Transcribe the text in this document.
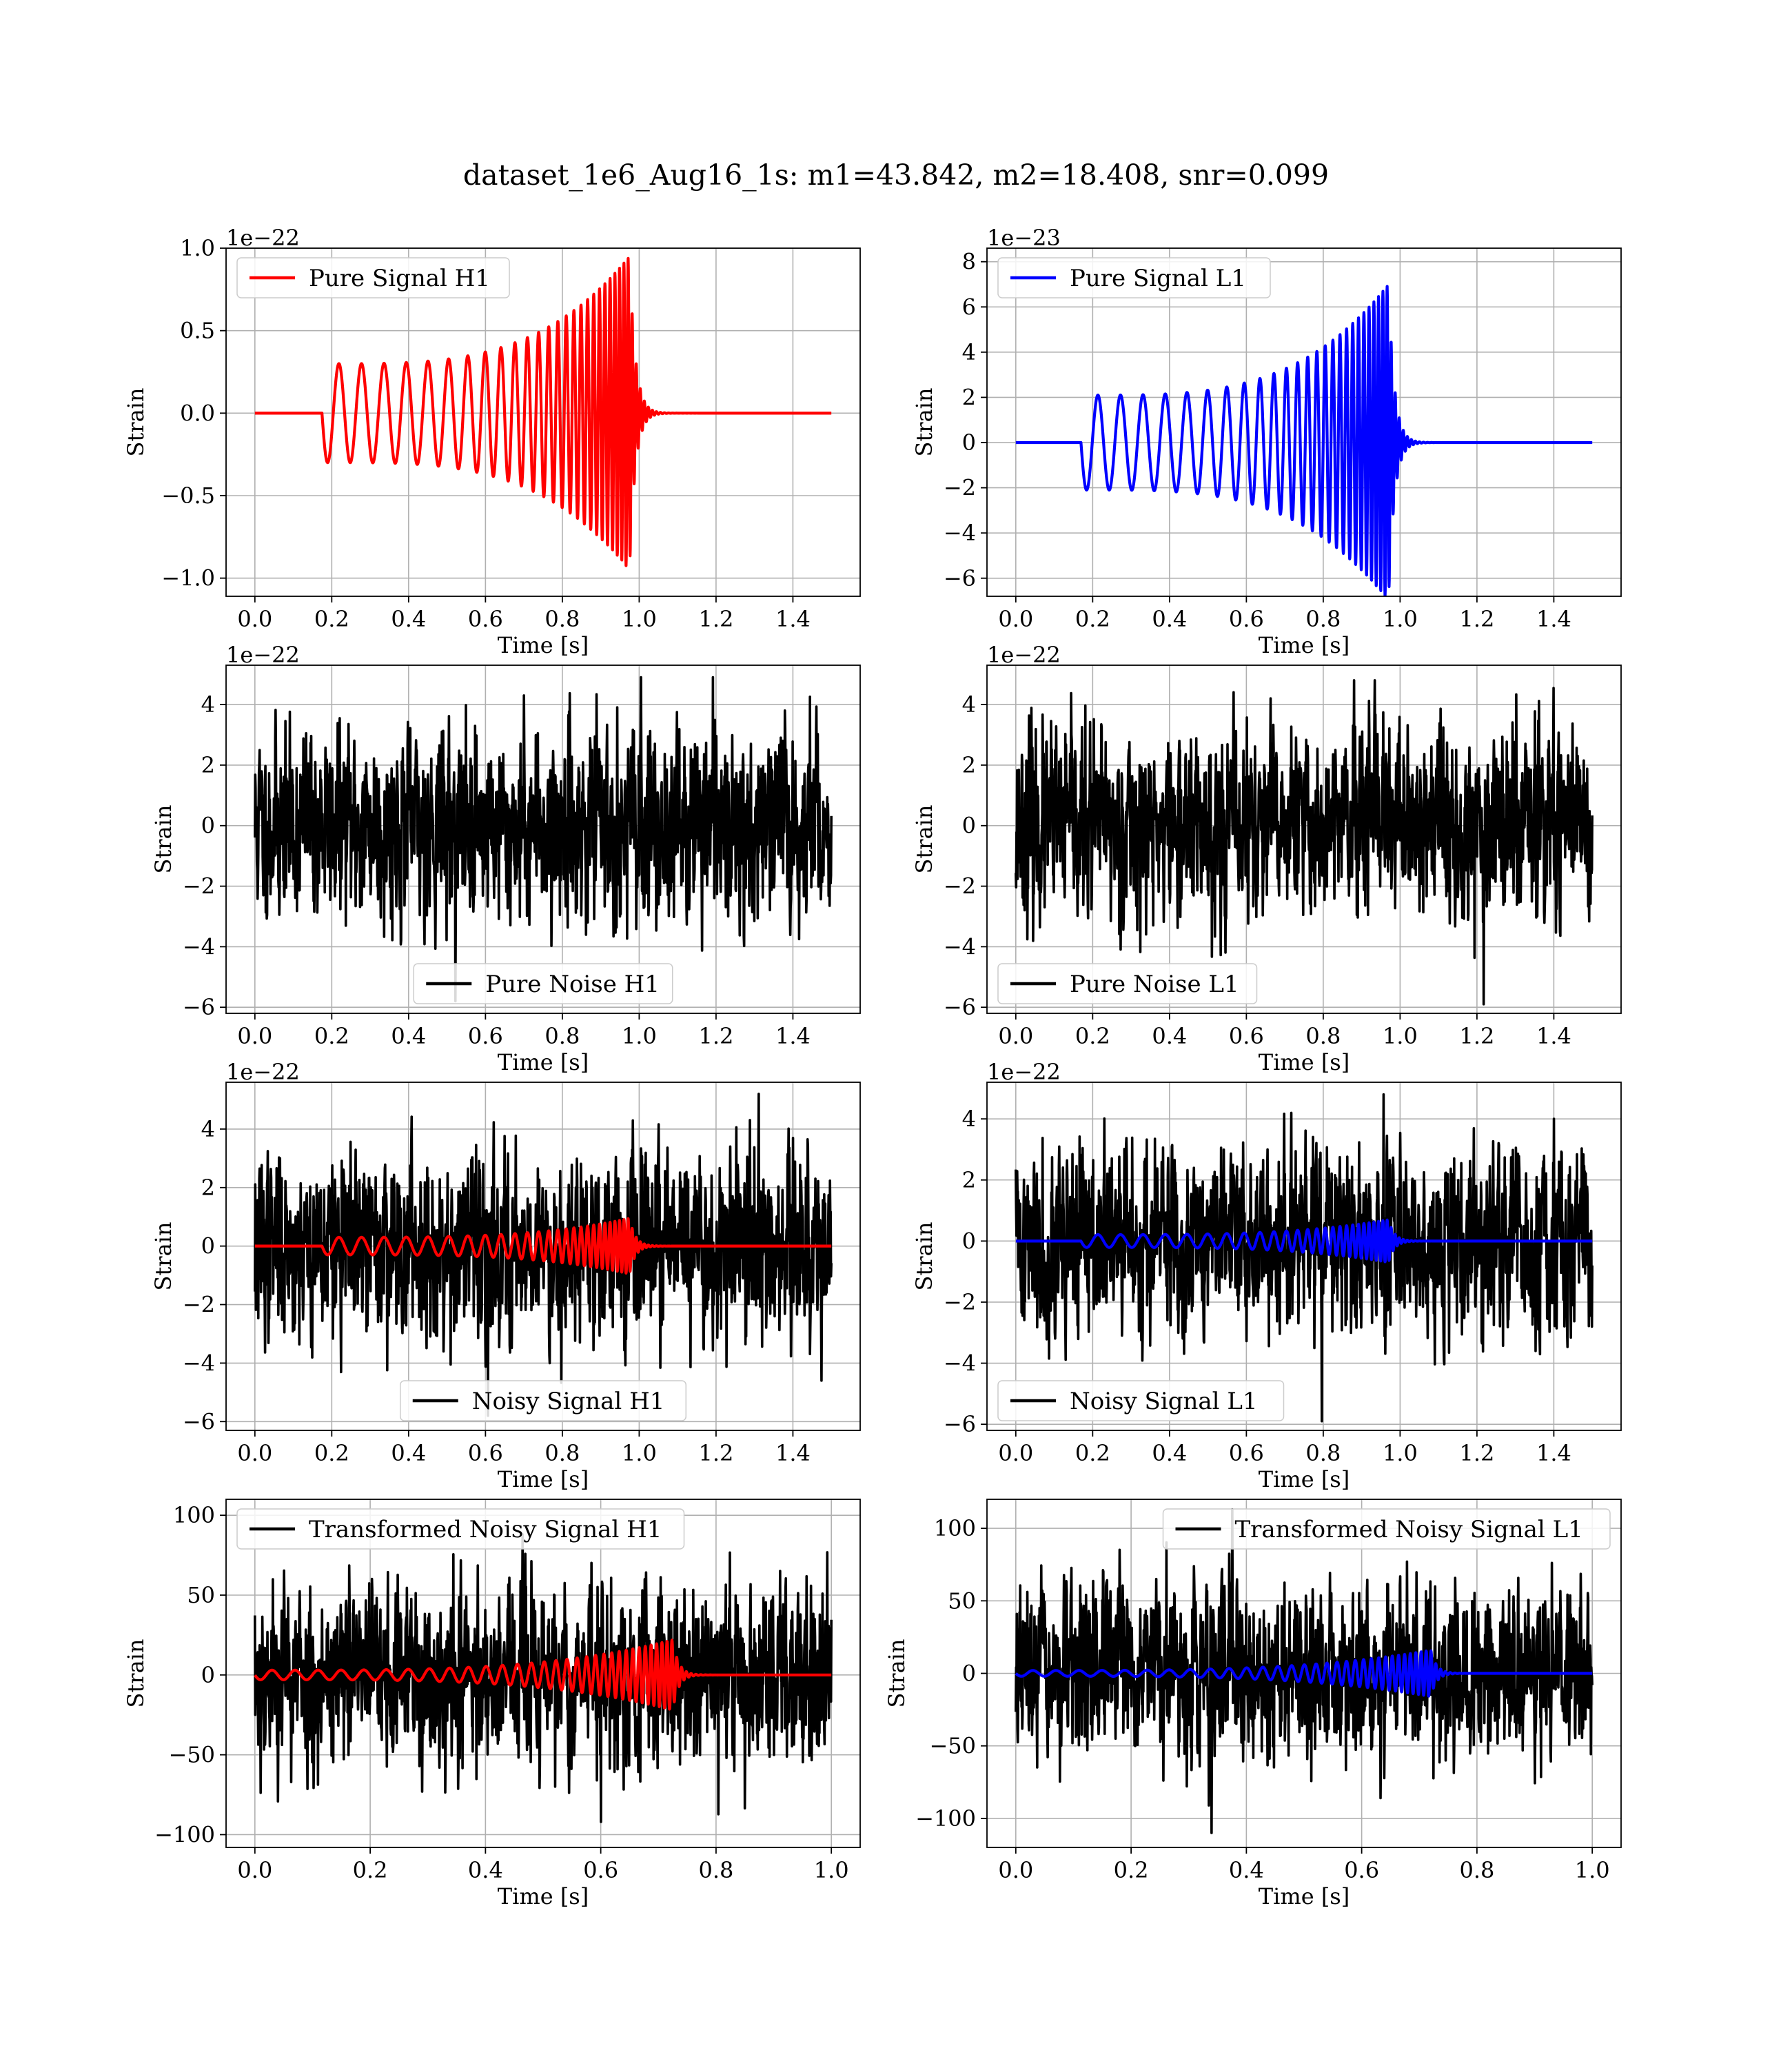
dataset_1e6_Aug16_1s: m1=43.842, m2=18.408, snr=0.099
0.0 0.2 0.4 0.6 0.8 1.0 1.2 1.4
1.0
0.5
0.0
−0.5
−1.0
Time [s]
Strain
1e−22
Pure Signal H1
0.0 0.2 0.4 0.6 0.8 1.0 1.2 1.4
8
6
4
2
0
−2
−4
−6
Time [s]
Strain
1e−23
Pure Signal L1
0.0 0.2 0.4 0.6 0.8 1.0 1.2 1.4
4
2
0
−2
−4
−6
Time [s]
Strain
1e−22
Pure Noise H1
0.0 0.2 0.4 0.6 0.8 1.0 1.2 1.4
4
2
0
−2
−4
−6
Time [s]
Strain
1e−22
Pure Noise L1
0.0 0.2 0.4 0.6 0.8 1.0 1.2 1.4
4
2
0
−2
−4
−6
Time [s]
Strain
1e−22
Noisy Signal H1
0.0 0.2 0.4 0.6 0.8 1.0 1.2 1.4
4
2
0
−2
−4
−6
Time [s]
Strain
1e−22
Noisy Signal L1
0.0	0.2	0.4	0.6	0.8	1.0
100
50
0
−50
−100
Time [s]
Strain
Transformed Noisy Signal H1
0.0	0.2	0.4	0.6	0.8	1.0
100
50
0
−50
−100
Time [s]
Strain
Transformed Noisy Signal L1
